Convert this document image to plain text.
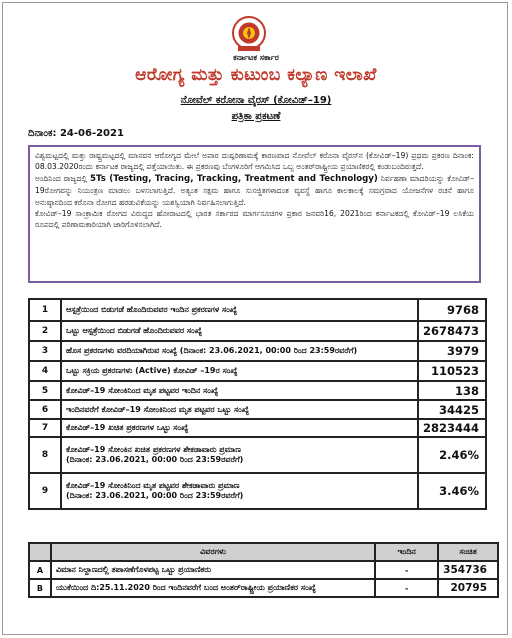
ಕರ್ನಾಟಕ ಸರ್ಕಾರ
ಆರೋಗ್ಯ ಮತ್ತು ಕುಟುಂಬ ಕಲ್ಯಾಣ ಇಲಾಖೆ
ನೋವೆಲ್ ಕರೋನಾ ವೈರಸ್ (ಕೋವಿಡ್–19)
ಪತ್ರಿಕಾ ಪ್ರಕಟಣೆ
ದಿನಾಂಕ: 24-06-2021

ವಿಶ್ವಮಟ್ಟದಲ್ಲಿ ಮತ್ತು ರಾಷ್ಟ್ರಮಟ್ಟದಲ್ಲಿ ಮಾನವನ ಆರೋಗ್ಯದ ಮೇಲೆ ಅಪಾರ ದುಷ್ಪರಿಣಾಮಕ್ಕೆ ಕಾರಣವಾದ ನೋವೆಲ್ ಕರೊನಾ ವೈರಸ್‌ನ (ಕೋವಿಡ್–19) ಪ್ರಥಮ ಪ್ರಕರಣ ದಿನಾಂಕ: 08.03.2020ರಂದು ಕರ್ನಾಟಕ ರಾಜ್ಯದಲ್ಲಿ ಪತ್ತೆಯಾಯಿತು. ಈ ಪ್ರಕರಣವು ಬೆಂಗಳೂರಿಗೆ ಆಗಮಿಸಿದ ಒಬ್ಬ ಅಂತರ್‌ರಾಷ್ಟ್ರೀಯ ಪ್ರಯಾಣಿಕರಲ್ಲಿ ಕಂಡುಬಂದಿರುತ್ತದೆ.

ಅಂದಿನಿಂದ ರಾಜ್ಯದಲ್ಲಿ 5Ts (Testing, Tracing, Tracking, Treatment and Technology) ನಿರ್ವಹಣಾ ಮಾದರಿಯನ್ನು ಕೋವಿಡ್–19ರೋಗವನ್ನು ನಿಯಂತ್ರಣ ಮಾಡಲು ಬಳಸಲಾಗುತ್ತಿದೆ. ಅತ್ಯಂತ ಸಕ್ಷಮ ಹಾಗೂ ಸುಸಜ್ಜಿತಗಳಾದಂತ ವ್ಯವಸ್ಥೆ ಹಾಗೂ ಕಾಲಕಾಲಕ್ಕೆ ಸಮಗ್ರವಾದ ಯೋಜನೆಗಳ ರಚನೆ ಹಾಗೂ ಅನುಷ್ಠಾನದಿಂದ ಕರೊನಾ ರೋಗದ ಹರಡುವಿಕೆಯನ್ನು ಯಶಸ್ವಿಯಾಗಿ ನಿರ್ವಹಿಸಲಾಗುತ್ತಿದೆ.

ಕೋವಿಡ್–19 ಸಾಂಕ್ರಾಮಿಕ ರೋಗದ ವಿರುದ್ಧದ ಹೋರಾಟದಲ್ಲಿ ಭಾರತ ಸರ್ಕಾರದ ಮಾರ್ಗಸೂಚಿಗಳ ಪ್ರಕಾರ ಜನವರಿ16, 2021ರಿಂದ ಕರ್ನಾಟಕದಲ್ಲಿ ಕೋವಿಡ್–19 ಲಸಿಕೆಯ ರೂಪದಲ್ಲಿ ಪರಿಣಾಮಕಾರಿಯಾಗಿ ಜಾರಿಗೊಳಿಸಲಾಗಿದೆ.

1	ಆಸ್ಪತ್ರೆಯಿಂದ ಬಿಡುಗಡೆ ಹೊಂದಿರುವವರ ಇಂದಿನ ಪ್ರಕರಣಗಳ ಸಂಖ್ಯೆ	9768
2	ಒಟ್ಟು ಆಸ್ಪತ್ರೆಯಿಂದ ಬಿಡುಗಡೆ ಹೊಂದಿರುವವರ ಸಂಖ್ಯೆ	2678473
3	ಹೊಸ ಪ್ರಕರಣಗಳು ವರದಿಯಾಗಿರುವ ಸಂಖ್ಯೆ (ದಿನಾಂಕ: 23.06.2021, 00:00 ರಿಂದ 23:59ರವರೆಗೆ)	3979
4	ಒಟ್ಟು ಸಕ್ರಿಯ ಪ್ರಕರಣಗಳು (Active) ಕೋವಿಡ್ –19ರ ಸಂಖ್ಯೆ	110523
5	ಕೋವಿಡ್–19 ಸೋಂಕಿನಿಂದ ಮೃತ ಪಟ್ಟವರ ಇಂದಿನ ಸಂಖ್ಯೆ	138
6	ಇಂದಿನವರೆಗೆ ಕೋವಿಡ್–19 ಸೋಂಕಿನಿಂದ ಮೃತ ಪಟ್ಟವರ ಒಟ್ಟು ಸಂಖ್ಯೆ	34425
7	ಕೋವಿಡ್–19 ಖಚಿತ ಪ್ರಕರಣಗಳ ಒಟ್ಟು ಸಂಖ್ಯೆ	2823444
8	ಕೋವಿಡ್–19 ಸೋಂಕಿನ ಖಚಿತ ಪ್ರಕರಣಗಳ ಶೇಕಡಾವಾರು ಪ್ರಮಾಣ
(ದಿನಾಂಕ: 23.06.2021, 00:00 ರಿಂದ 23:59ರವರೆಗೆ)	2.46%
9	ಕೋವಿಡ್–19 ಸೋಂಕಿನಿಂದ ಮೃತ ಪಟ್ಟವರ ಶೇಕಡಾವಾರು ಪ್ರಮಾಣ
(ದಿನಾಂಕ: 23.06.2021, 00:00 ರಿಂದ 23:59ರವರೆಗೆ)	3.46%
	ವಿವರಗಳು	ಇಂದಿನ	ಸಂಚಿತ
A	ವಿಮಾನ ನಿಲ್ದಾಣದಲ್ಲಿ ತಪಾಸಣೆಗೊಳಪಟ್ಟ ಒಟ್ಟು ಪ್ರಯಾಣಿಕರು	-	354736
B	ಯುಕೆಯಿಂದ ದಿ:25.11.2020 ರಿಂದ ಇಂದಿನವರೆಗೆ ಬಂದ ಅಂತರ್‌ರಾಷ್ಟ್ರೀಯ ಪ್ರಯಾಣಿಕರ ಸಂಖ್ಯೆ	-	20795
